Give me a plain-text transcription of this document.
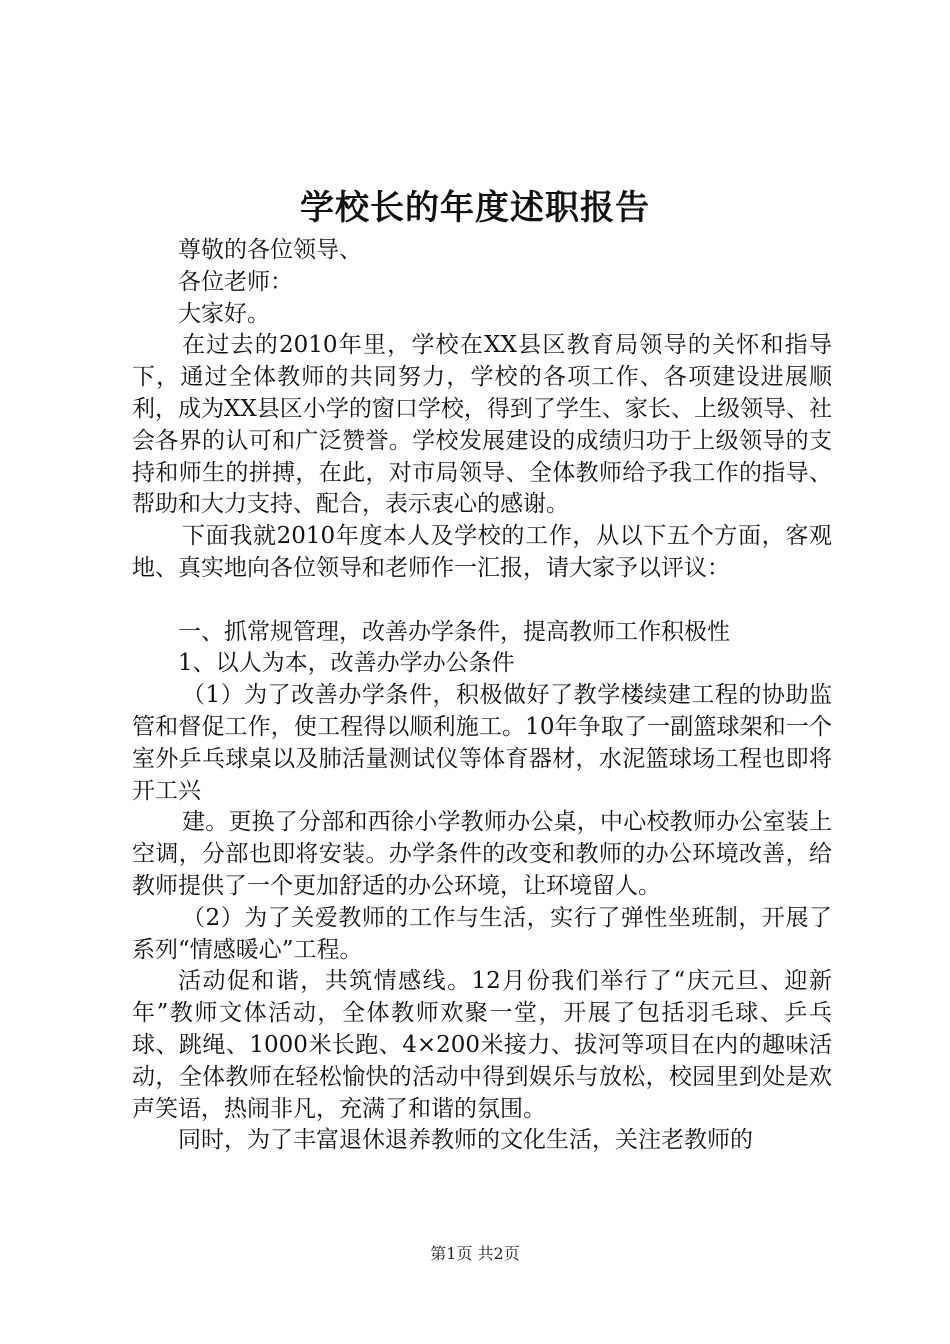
学校长的年度述职报告

尊敬的各位领导、

各位老师：

大家好。

在过去的2010年里，学校在XX县区教育局领导的关怀和指导下，通过全体教师的共同努力，学校的各项工作、各项建设进展顺利，成为XX县区小学的窗口学校，得到了学生、家长、上级领导、社会各界的认可和广泛赞誉。学校发展建设的成绩归功于上级领导的支持和师生的拼搏，在此，对市局领导、全体教师给予我工作的指导、帮助和大力支持、配合，表示衷心的感谢。

下面我就2010年度本人及学校的工作，从以下五个方面，客观地、真实地向各位领导和老师作一汇报，请大家予以评议：

一、抓常规管理，改善办学条件，提高教师工作积极性

1、以人为本，改善办学办公条件

（1）为了改善办学条件，积极做好了教学楼续建工程的协助监管和督促工作，使工程得以顺利施工。10年争取了一副篮球架和一个室外乒乓球桌以及肺活量测试仪等体育器材，水泥篮球场工程也即将开工兴

建。更换了分部和西徐小学教师办公桌，中心校教师办公室装上空调，分部也即将安装。办学条件的改变和教师的办公环境改善，给教师提供了一个更加舒适的办公环境，让环境留人。

（2）为了关爱教师的工作与生活，实行了弹性坐班制，开展了系列“情感暖心”工程。

活动促和谐，共筑情感线。12月份我们举行了“庆元旦、迎新年”教师文体活动，全体教师欢聚一堂，开展了包括羽毛球、乒乓球、跳绳、1000米长跑、4×200米接力、拔河等项目在内的趣味活动，全体教师在轻松愉快的活动中得到娱乐与放松，校园里到处是欢声笑语，热闹非凡，充满了和谐的氛围。

同时，为了丰富退休退养教师的文化生活，关注老教师的

第1页 共2页
